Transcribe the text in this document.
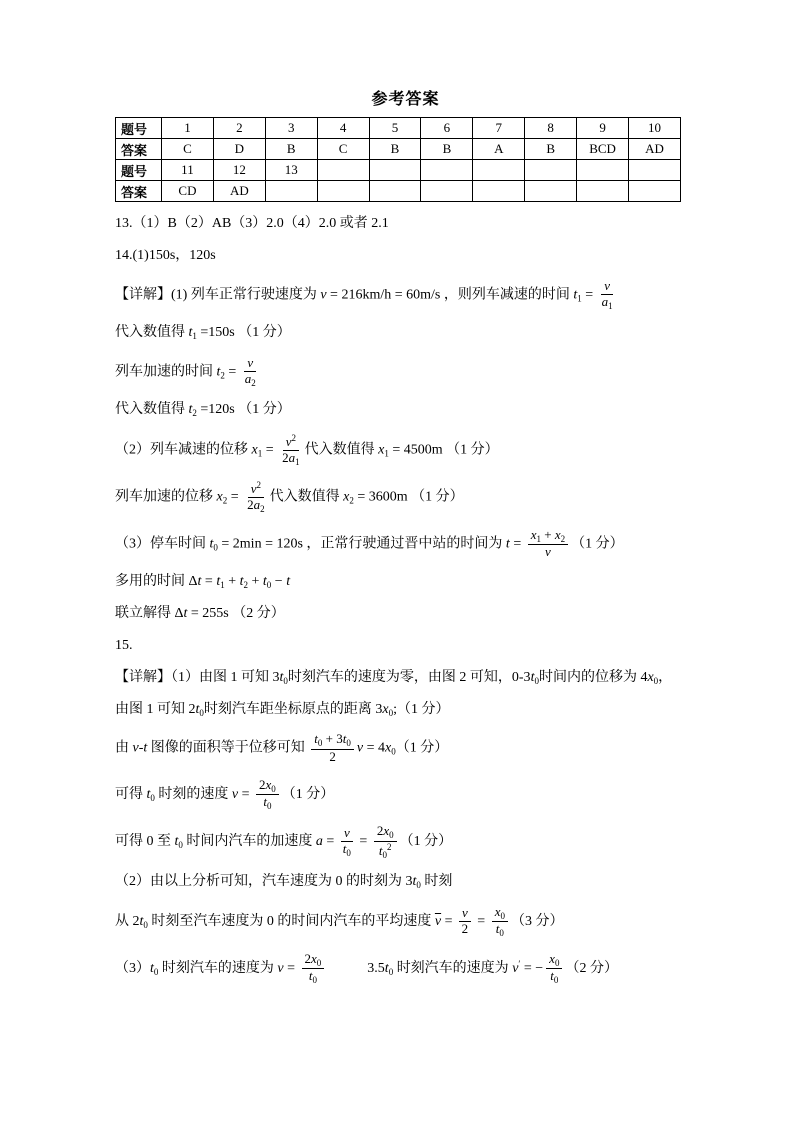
参考答案
题号	1	2	3	4	5	6	7	8	9	10
答案	C	D	B	C	B	B	A	B	BCD	AD
题号	11	12	13							
答案	CD	AD								
13.（1）B（2）AB（3）2.0（4）2.0 或者 2.1
14.(1)150s，120s
【详解】(1) 列车正常行驶速度为 v = 216km/h = 60m/s ，则列车减速的时间 $t_1 = \frac{v}{a_1}$
代入数值得 $t_1 =150s$ （1 分）
列车加速的时间 $t_2 = \frac{v}{a_2}$
代入数值得 $t_2 =120s$ （1 分）
（2）列车减速的位移 $x_1 = \frac{v^2}{2a_1}$ 代入数值得 $x_1 = 4500m$ （1 分）
列车加速的位移 $x_2 = \frac{v^2}{2a_2}$ 代入数值得 $x_2 = 3600m$ （1 分）
（3）停车时间 $t_0 = 2\min = 120s$ ，正常行驶通过晋中站的时间为 $t = \frac{x_1 + x_2}{v} (1$ 分）
多用的时间 $\Delta t = t_1 + t_2 + t_0 - t$
联立解得 Δt = 255s （2 分）
15.
【详解】（1）由图 1 可知 $3t_0$时刻汽车的速度为零，由图 2 可知，$0-3t_0$时间内的位移为 $4x_0$，
由图 1 可知 $2t_0$时刻汽车距坐标原点的距离 $3x_0;(1$ 分）
由 v-t 图像的面积等于位移可知 $\frac{t_0 + 3t_0}{2}$ $v = 4x_0(1$ 分）
可得 $t_0$ 时刻的速度 $v = \frac{2x_0}{t_0} (1$ 分）
可得 0 至 $t_0$ 时间内汽车的加速度 $a = \frac{v}{t_0} = \frac{2x_0}{t_0^2} (1$ 分）
（2）由以上分析可知，汽车速度为 0 的时刻为 $3t_0$ 时刻
从 $2t_0$ 时刻至汽车速度为 0 的时间内汽车的平均速度 $\overline{v} = \frac{v}{2} = \frac{x_0}{t_0} (3$ 分）
$(3)t_0$ 时刻汽车的速度为 $v = \frac{2x_0}{t_0}$	$3.5t_0$ 时刻汽车的速度为 v′ = − $\frac{x_0}{t_0} (2$ 分）
